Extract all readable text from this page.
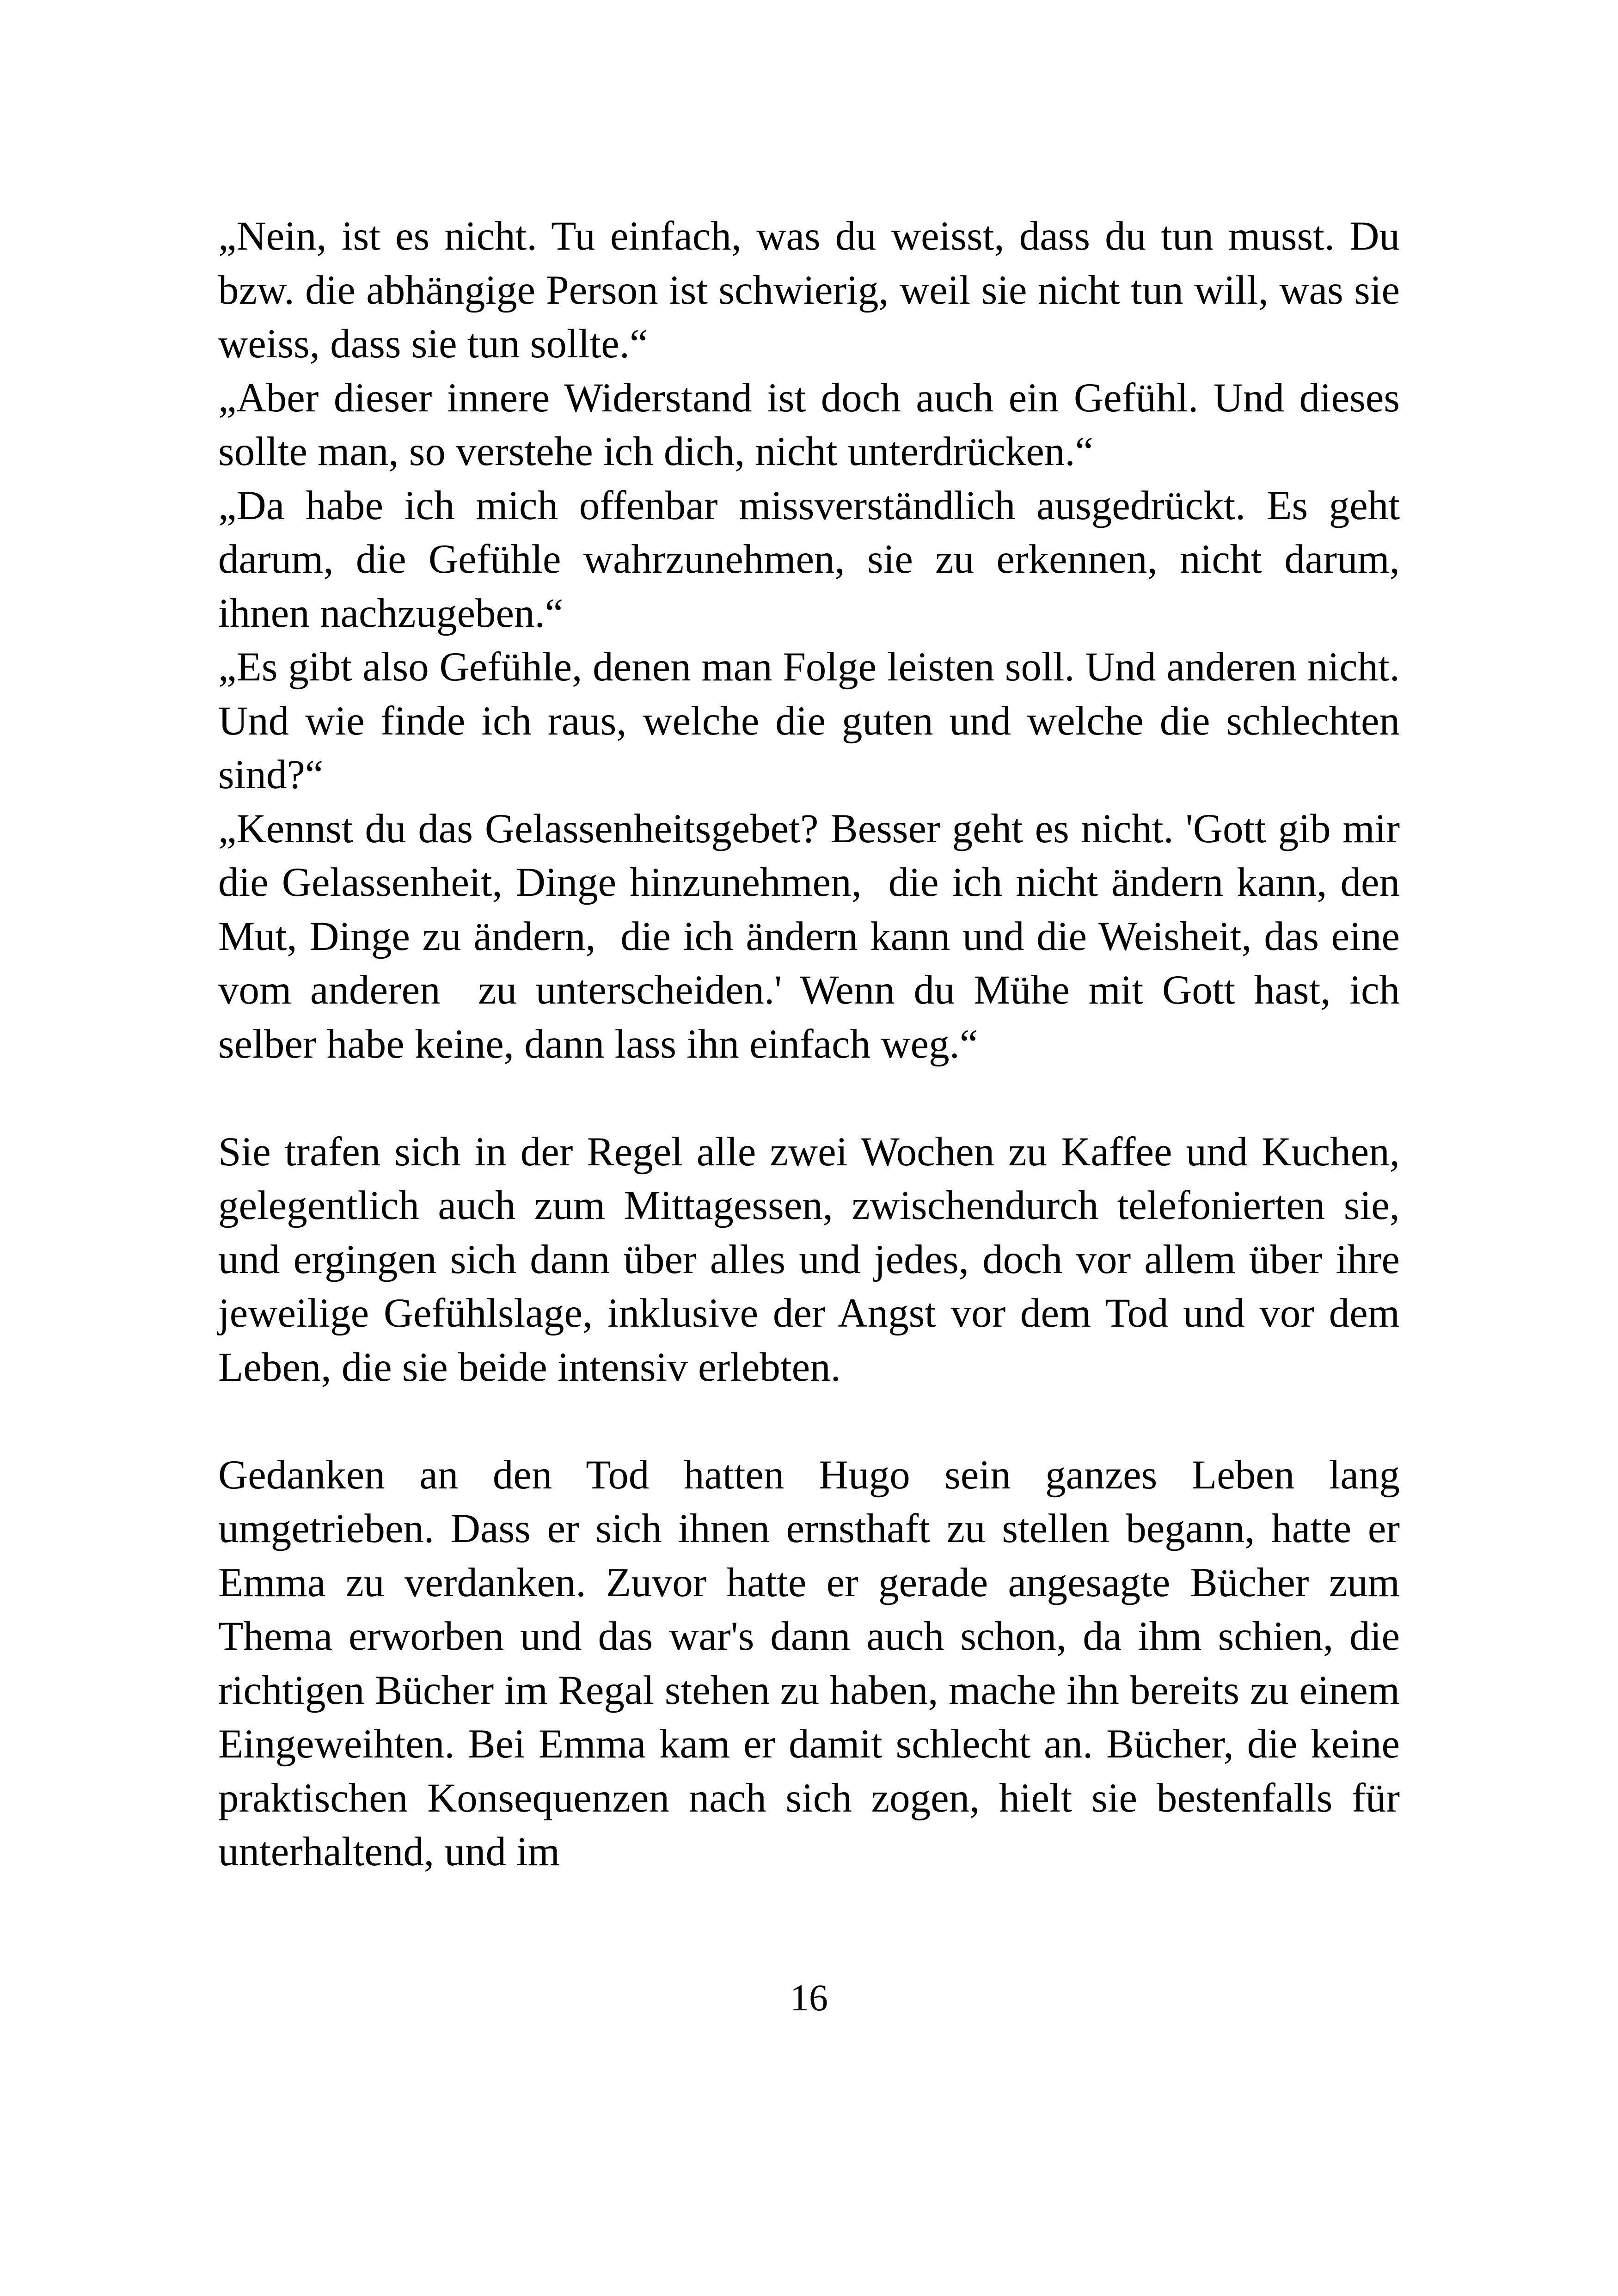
„Nein, ist es nicht. Tu einfach, was du weisst, dass du tun musst. Du bzw. die abhängige Person ist schwierig, weil sie nicht tun will, was sie weiss, dass sie tun sollte.“

„Aber dieser innere Widerstand ist doch auch ein Gefühl. Und dieses sollte man, so verstehe ich dich, nicht unterdrücken.“

„Da habe ich mich offenbar missverständlich ausgedrückt. Es geht darum, die Gefühle wahrzunehmen, sie zu erkennen, nicht darum, ihnen nachzugeben.“

„Es gibt also Gefühle, denen man Folge leisten soll. Und anderen nicht. Und wie finde ich raus, welche die guten und welche die schlechten sind?“

„Kennst du das Gelassenheitsgebet? Besser geht es nicht. 'Gott gib mir die Gelassenheit, Dinge hinzunehmen,  die ich nicht ändern kann, den Mut, Dinge zu ändern,  die ich ändern kann und die Weisheit, das eine vom anderen  zu unterscheiden.' Wenn du Mühe mit Gott hast, ich selber habe keine, dann lass ihn einfach weg.“

Sie trafen sich in der Regel alle zwei Wochen zu Kaffee und Kuchen, gelegentlich auch zum Mittagessen, zwischendurch telefonierten sie, und ergingen sich dann über alles und jedes, doch vor allem über ihre jeweilige Gefühlslage, inklusive der Angst vor dem Tod und vor dem Leben, die sie beide intensiv erlebten.

Gedanken an den Tod hatten Hugo sein ganzes Leben lang umgetrieben. Dass er sich ihnen ernsthaft zu stellen begann, hatte er Emma zu verdanken. Zuvor hatte er gerade angesagte Bücher zum Thema erworben und das war's dann auch schon, da ihm schien, die richtigen Bücher im Regal stehen zu haben, mache ihn bereits zu einem Eingeweihten. Bei Emma kam er damit schlecht an. Bücher, die keine praktischen Konsequenzen nach sich zogen, hielt sie bestenfalls für unterhaltend, und im

16
